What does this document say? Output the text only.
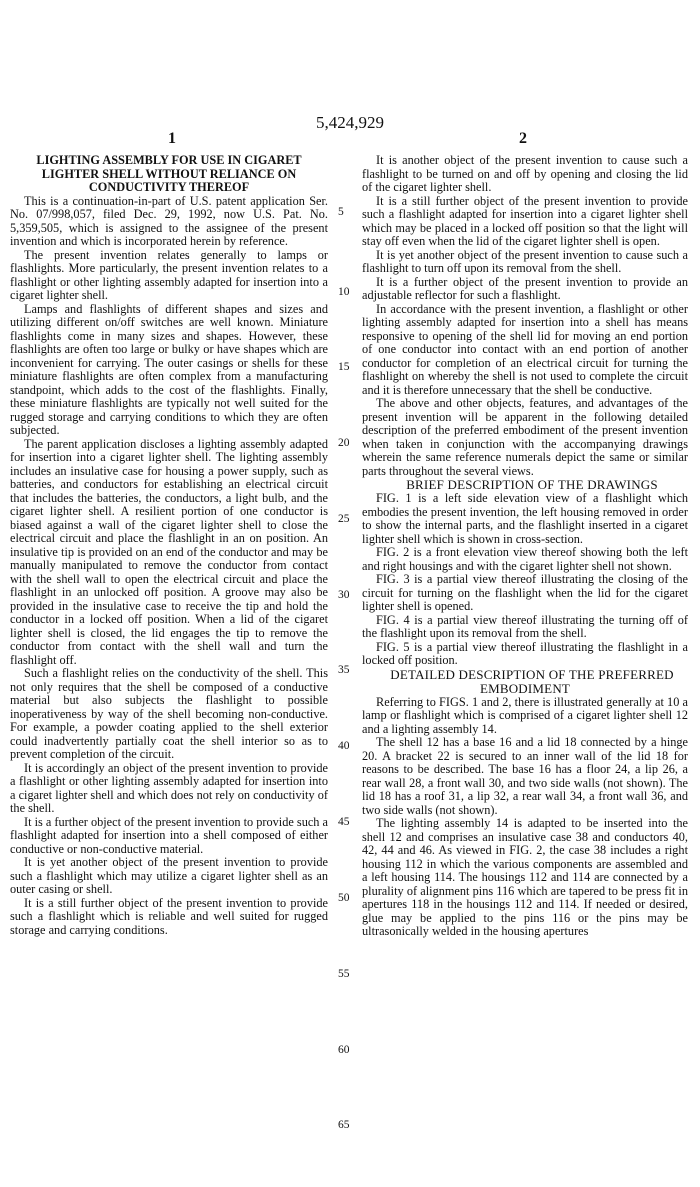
5,424,929
1	2

LIGHTING ASSEMBLY FOR USE IN CIGARET LIGHTER SHELL WITHOUT RELIANCE ON CONDUCTIVITY THEREOF

This is a continuation-in-part of U.S. patent application Ser. No. 07/998,057, filed Dec. 29, 1992, now U.S. Pat. No. 5,359,505, which is assigned to the assignee of the present invention and which is incorporated herein by reference.

The present invention relates generally to lamps or flashlights. More particularly, the present invention relates to a flashlight or other lighting assembly adapted for insertion into a cigaret lighter shell.

Lamps and flashlights of different shapes and sizes and utilizing different on/off switches are well known. Miniature flashlights come in many sizes and shapes. However, these flashlights are often too large or bulky or have shapes which are inconvenient for carrying. The outer casings or shells for these miniature flashlights are often complex from a manufacturing standpoint, which adds to the cost of the flashlights. Finally, these miniature flashlights are typically not well suited for the rugged storage and carrying conditions to which they are often subjected.

The parent application discloses a lighting assembly adapted for insertion into a cigaret lighter shell. The lighting assembly includes an insulative case for housing a power supply, such as batteries, and conductors for establishing an electrical circuit that includes the batteries, the conductors, a light bulb, and the cigaret lighter shell. A resilient portion of one conductor is biased against a wall of the cigaret lighter shell to close the electrical circuit and place the flashlight in an on position. An insulative tip is provided on an end of the conductor and may be manually manipulated to remove the conductor from contact with the shell wall to open the electrical circuit and place the flashlight in an unlocked off position. A groove may also be provided in the insulative case to receive the tip and hold the conductor in a locked off position. When a lid of the cigaret lighter shell is closed, the lid engages the tip to remove the conductor from contact with the shell wall and turn the flashlight off.

Such a flashlight relies on the conductivity of the shell. This not only requires that the shell be composed of a conductive material but also subjects the flashlight to possible inoperativeness by way of the shell becoming non-conductive. For example, a powder coating applied to the shell exterior could inadvertently partially coat the shell interior so as to prevent completion of the circuit.

It is accordingly an object of the present invention to provide a flashlight or other lighting assembly adapted for insertion into a cigaret lighter shell and which does not rely on conductivity of the shell.

It is a further object of the present invention to provide such a flashlight adapted for insertion into a shell composed of either conductive or non-conductive material.

It is yet another object of the present invention to provide such a flashlight which may utilize a cigaret lighter shell as an outer casing or shell.

It is a still further object of the present invention to provide such a flashlight which is reliable and well suited for rugged storage and carrying conditions.

It is another object of the present invention to cause such a flashlight to be turned on and off by opening and closing the lid of the cigaret lighter shell.

It is a still further object of the present invention to provide such a flashlight adapted for insertion into a cigaret lighter shell which may be placed in a locked off position so that the light will stay off even when the lid of the cigaret lighter shell is open.

It is yet another object of the present invention to cause such a flashlight to turn off upon its removal from the shell.

It is a further object of the present invention to provide an adjustable reflector for such a flashlight.

In accordance with the present invention, a flashlight or other lighting assembly adapted for insertion into a shell has means responsive to opening of the shell lid for moving an end portion of one conductor into contact with an end portion of another conductor for completion of an electrical circuit for turning the flashlight on whereby the shell is not used to complete the circuit and it is therefore unnecessary that the shell be conductive.

The above and other objects, features, and advantages of the present invention will be apparent in the following detailed description of the preferred embodiment of the present invention when taken in conjunction with the accompanying drawings wherein the same reference numerals depict the same or similar parts throughout the several views.

BRIEF DESCRIPTION OF THE DRAWINGS

FIG. 1 is a left side elevation view of a flashlight which embodies the present invention, the left housing removed in order to show the internal parts, and the flashlight inserted in a cigaret lighter shell which is shown in cross-section.

FIG. 2 is a front elevation view thereof showing both the left and right housings and with the cigaret lighter shell not shown.

FIG. 3 is a partial view thereof illustrating the closing of the circuit for turning on the flashlight when the lid for the cigaret lighter shell is opened.

FIG. 4 is a partial view thereof illustrating the turning off of the flashlight upon its removal from the shell.

FIG. 5 is a partial view thereof illustrating the flashlight in a locked off position.

DETAILED DESCRIPTION OF THE PREFERRED EMBODIMENT

Referring to FIGS. 1 and 2, there is illustrated generally at 10 a lamp or flashlight which is comprised of a cigaret lighter shell 12 and a lighting assembly 14.

The shell 12 has a base 16 and a lid 18 connected by a hinge 20. A bracket 22 is secured to an inner wall of the lid 18 for reasons to be described. The base 16 has a floor 24, a lip 26, a rear wall 28, a front wall 30, and two side walls (not shown). The lid 18 has a roof 31, a lip 32, a rear wall 34, a front wall 36, and two side walls (not shown).

The lighting assembly 14 is adapted to be inserted into the shell 12 and comprises an insulative case 38 and conductors 40, 42, 44 and 46. As viewed in FIG. 2, the case 38 includes a right housing 112 in which the various components are assembled and a left housing 114. The housings 112 and 114 are connected by a plurality of alignment pins 116 which are tapered to be press fit in apertures 118 in the housings 112 and 114. If needed or desired, glue may be applied to the pins 116 or the pins may be ultrasonically welded in the housing apertures

5
10
15
20
25
30
35
40
45
50
55
60
65
